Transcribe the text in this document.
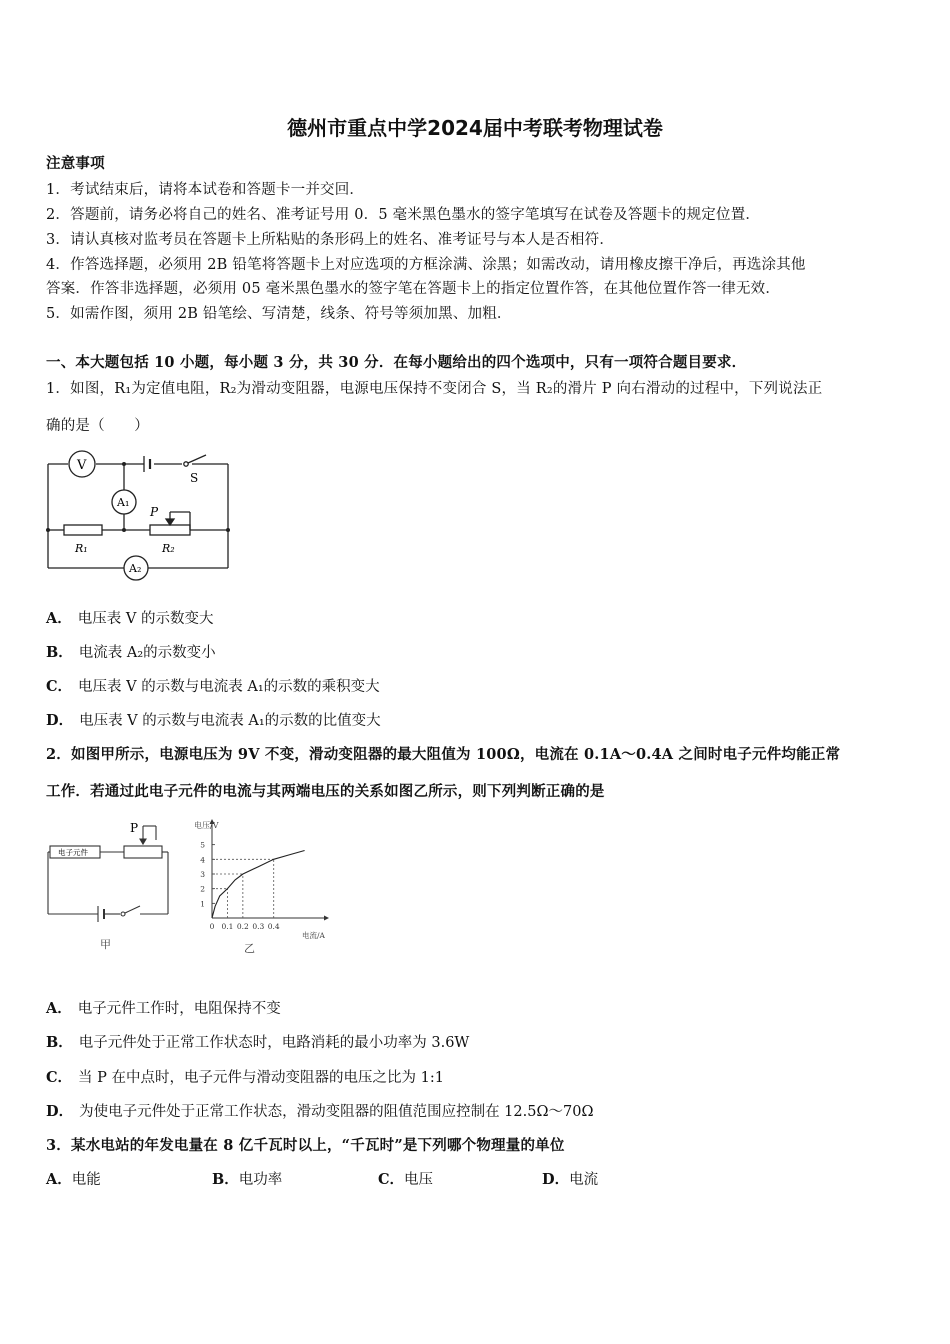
德州市重点中学2024届中考联考物理试卷
注意事项
1．考试结束后，请将本试卷和答题卡一并交回．
2．答题前，请务必将自己的姓名、准考证号用 0．5 毫米黑色墨水的签字笔填写在试卷及答题卡的规定位置．
3．请认真核对监考员在答题卡上所粘贴的条形码上的姓名、准考证号与本人是否相符．
4．作答选择题，必须用 2B 铅笔将答题卡上对应选项的方框涂满、涂黑；如需改动，请用橡皮擦干净后，再选涂其他
答案．作答非选择题，必须用 05 毫米黑色墨水的签字笔在答题卡上的指定位置作答，在其他位置作答一律无效．
5．如需作图，须用 2B 铅笔绘、写清楚，线条、符号等须加黑、加粗．
一、本大题包括 10 小题，每小题 3 分，共 30 分．在每小题给出的四个选项中，只有一项符合题目要求．
1．如图，R₁为定值电阻，R₂为滑动变阻器，电源电压保持不变闭合 S，当 R₂的滑片 P 向右滑动的过程中，下列说法正
确的是（　　）
V
A₁
A₂
S
P
R₁	R₂
A． 电压表 V 的示数变大
B． 电流表 A₂的示数变小
C． 电压表 V 的示数与电流表 A₁的示数的乘积变大
D． 电压表 V 的示数与电流表 A₁的示数的比值变大
2．如图甲所示，电源电压为 9V 不变，滑动变阻器的最大阻值为 100Ω，电流在 0.1A～0.4A 之间时电子元件均能正常
工作．若通过此电子元件的电流与其两端电压的关系如图乙所示，则下列判断正确的是
电子元件
P
甲
1
2
3
4
5
0 0.1 0.2 0.3 0.4
电压/V
电流/A
乙
A． 电子元件工作时，电阻保持不变
B． 电子元件处于正常工作状态时，电路消耗的最小功率为 3.6W
C． 当 P 在中点时，电子元件与滑动变阻器的电压之比为 1:1
D． 为使电子元件处于正常工作状态，滑动变阻器的阻值范围应控制在 12.5Ω～70Ω
3．某水电站的年发电量在 8 亿千瓦时以上，“千瓦时”是下列哪个物理量的单位
A．电能	B．电功率	C．电压	D．电流
